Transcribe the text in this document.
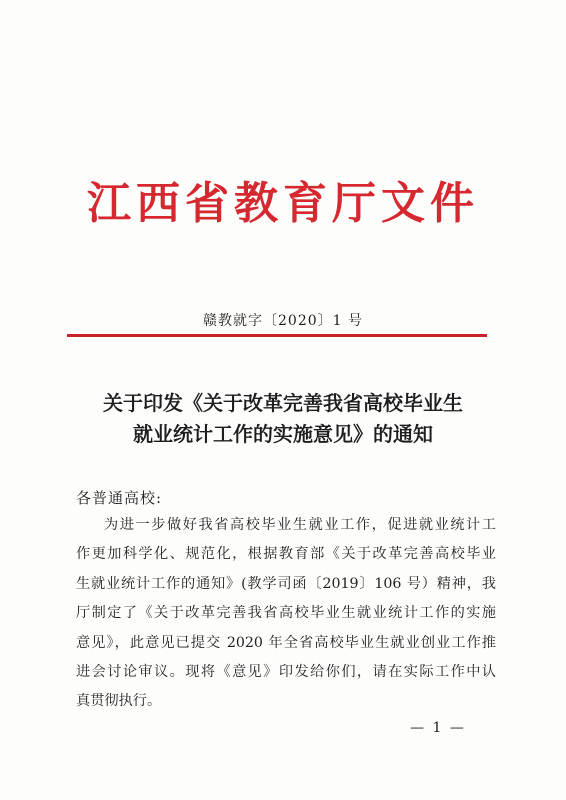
江西省教育厅文件
赣教就字〔2020〕1 号
关于印发《关于改革完善我省高校毕业生
就业统计工作的实施意见》的通知
各普通高校:
为进一步做好我省高校毕业生就业工作，促进就业统计工
作更加科学化、规范化，根据教育部《关于改革完善高校毕业
生就业统计工作的通知》(教学司函〔2019〕106 号）精神，我
厅制定了《关于改革完善我省高校毕业生就业统计工作的实施
意见》，此意见已提交 2020 年全省高校毕业生就业创业工作推
进会讨论审议。现将《意见》印发给你们，请在实际工作中认
真贯彻执行。
— 1 —
